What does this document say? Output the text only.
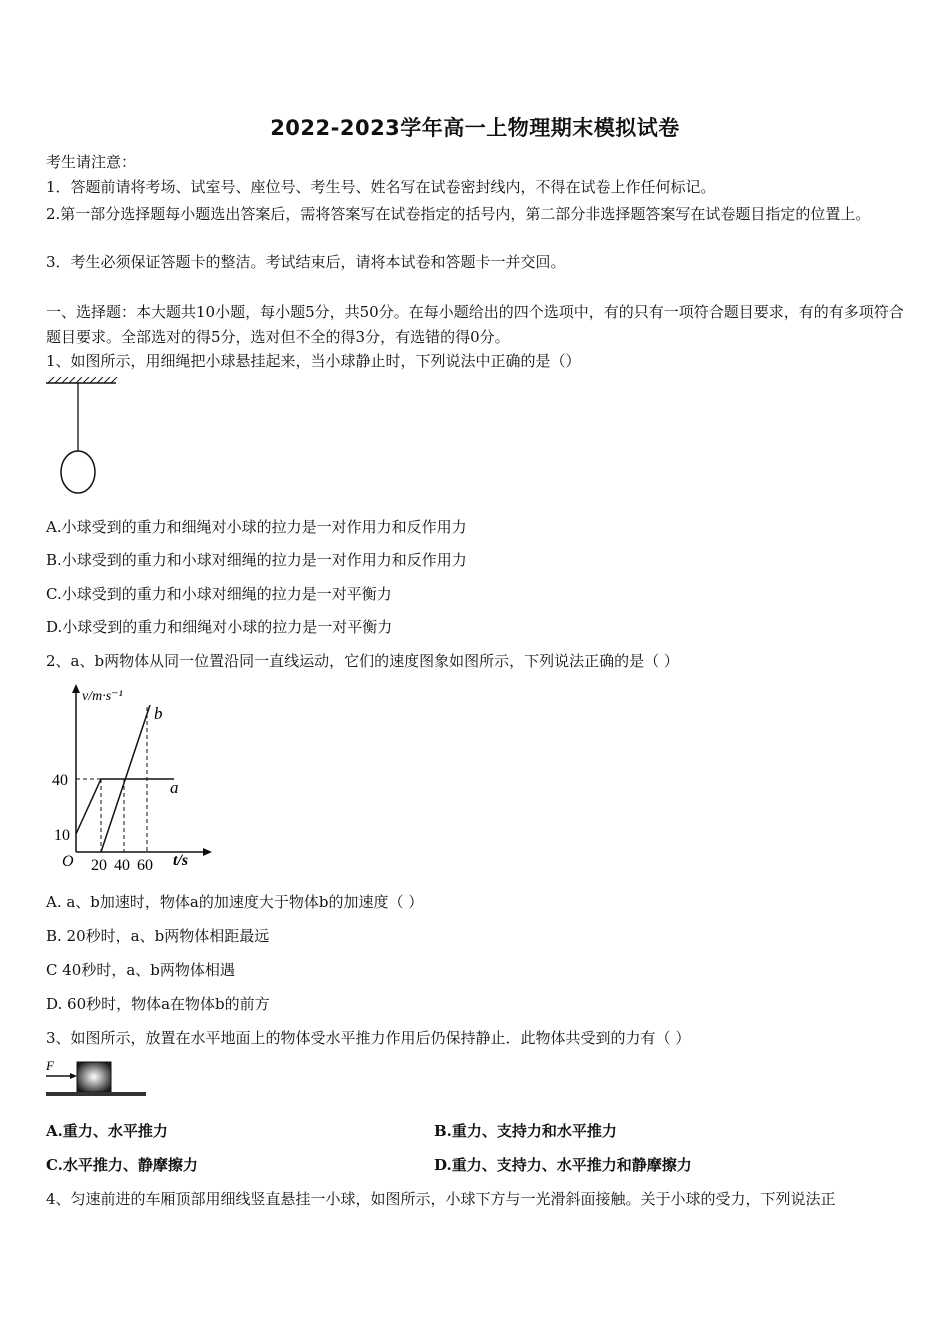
2022-2023学年高一上物理期末模拟试卷
考生请注意：
1．答题前请将考场、试室号、座位号、考生号、姓名写在试卷密封线内，不得在试卷上作任何标记。
2.第一部分选择题每小题选出答案后，需将答案写在试卷指定的括号内，第二部分非选择题答案写在试卷题目指定的位置上。
3．考生必须保证答题卡的整洁。考试结束后，请将本试卷和答题卡一并交回。
一、选择题：本大题共10小题，每小题5分，共50分。在每小题给出的四个选项中，有的只有一项符合题目要求，有的有多项符合题目要求。全部选对的得5分，选对但不全的得3分，有选错的得0分。
1、如图所示，用细绳把小球悬挂起来，当小球静止时，下列说法中正确的是（）
A.小球受到的重力和细绳对小球的拉力是一对作用力和反作用力
B.小球受到的重力和小球对细绳的拉力是一对作用力和反作用力
C.小球受到的重力和小球对细绳的拉力是一对平衡力
D.小球受到的重力和细绳对小球的拉力是一对平衡力
2、a、b两物体从同一位置沿同一直线运动，它们的速度图象如图所示，下列说法正确的是（ ）
v/m·s⁻¹
t/s
O
40
10
20 40 60
a
b
A. a、b加速时，物体a的加速度大于物体b的加速度（ ）
B. 20秒时，a、b两物体相距最远
C 40秒时，a、b两物体相遇
D. 60秒时，物体a在物体b的前方
3、如图所示，放置在水平地面上的物体受水平推力作用后仍保持静止．此物体共受到的力有（ ）
F
A.重力、水平推力	B.重力、支持力和水平推力
C.水平推力、静摩擦力	D.重力、支持力、水平推力和静摩擦力
4、匀速前进的车厢顶部用细线竖直悬挂一小球，如图所示，小球下方与一光滑斜面接触。关于小球的受力，下列说法正
